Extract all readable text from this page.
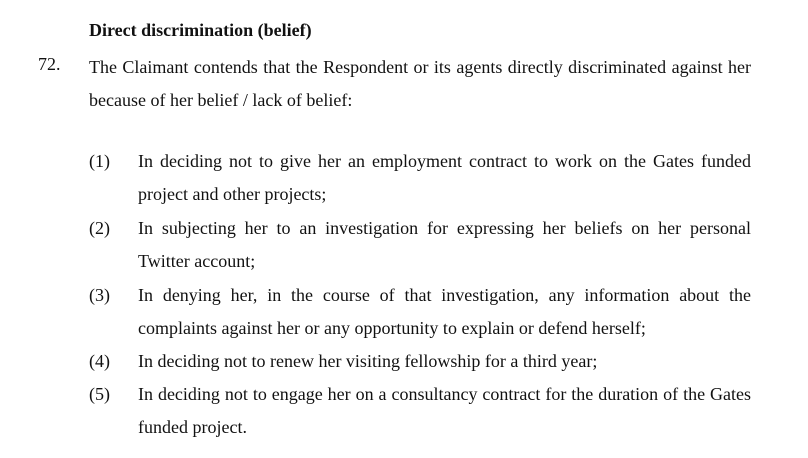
Direct discrimination (belief)
72. The Claimant contends that the Respondent or its agents directly discriminated against her because of her belief / lack of belief:

(1) In deciding not to give her an employment contract to work on the Gates funded project and other projects;
(2) In subjecting her to an investigation for expressing her beliefs on her personal Twitter account;
(3) In denying her, in the course of that investigation, any information about the complaints against her or any opportunity to explain or defend herself;
(4) In deciding not to renew her visiting fellowship for a third year;
(5) In deciding not to engage her on a consultancy contract for the duration of the Gates funded project.
